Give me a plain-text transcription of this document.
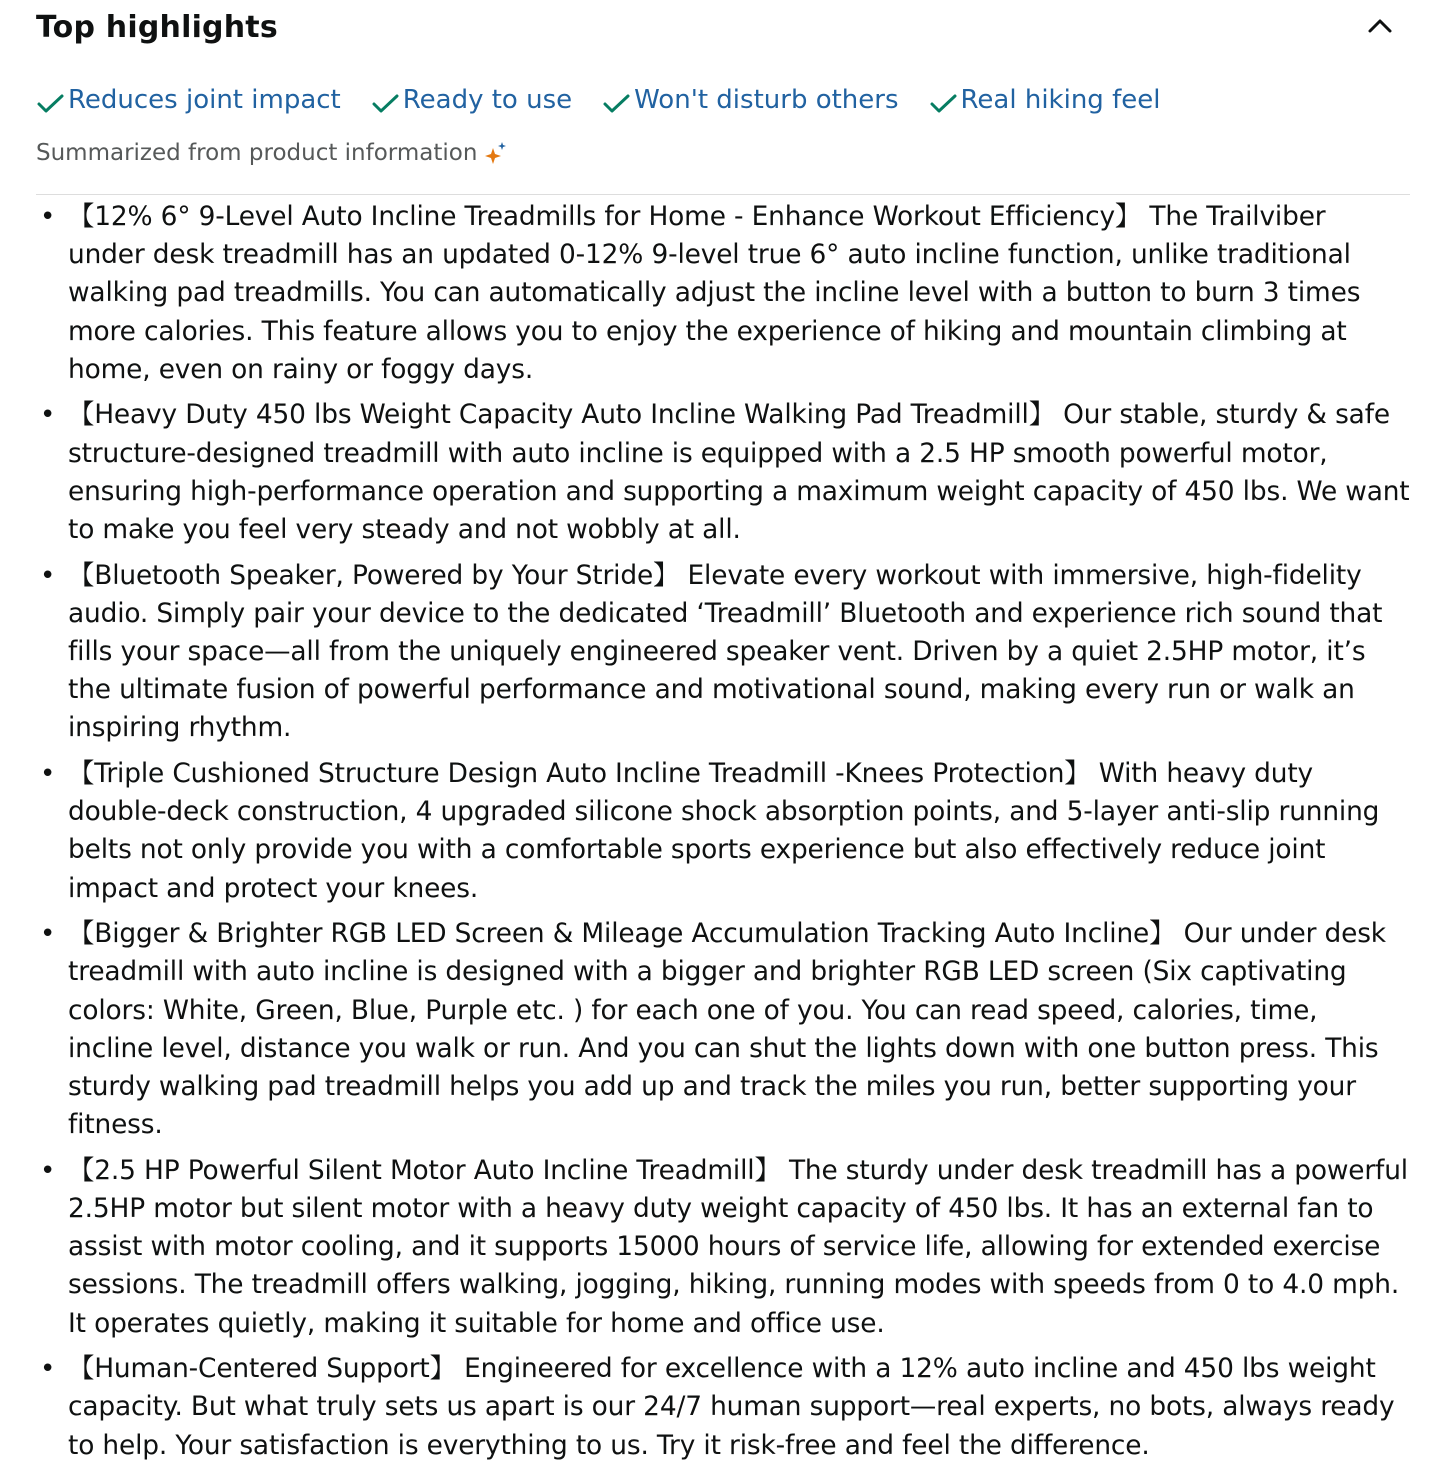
Top highlights
Reduces joint impact Ready to use Won't disturb others Real hiking feel
Summarized from product information
• 【12% 6° 9-Level Auto Incline Treadmills for Home - Enhance Workout Efficiency】 The Trailviber under desk treadmill has an updated 0-12% 9-level true 6° auto incline function, unlike traditional walking pad treadmills. You can automatically adjust the incline level with a button to burn 3 times more calories. This feature allows you to enjoy the experience of hiking and mountain climbing at home, even on rainy or foggy days.
• 【Heavy Duty 450 lbs Weight Capacity Auto Incline Walking Pad Treadmill】 Our stable, sturdy & safe structure-designed treadmill with auto incline is equipped with a 2.5 HP smooth powerful motor, ensuring high-performance operation and supporting a maximum weight capacity of 450 lbs. We want to make you feel very steady and not wobbly at all.
• 【Bluetooth Speaker, Powered by Your Stride】 Elevate every workout with immersive, high-fidelity audio. Simply pair your device to the dedicated ‘Treadmill’ Bluetooth and experience rich sound that fills your space—all from the uniquely engineered speaker vent. Driven by a quiet 2.5HP motor, it’s the ultimate fusion of powerful performance and motivational sound, making every run or walk an inspiring rhythm.
• 【Triple Cushioned Structure Design Auto Incline Treadmill -Knees Protection】 With heavy duty double-deck construction, 4 upgraded silicone shock absorption points, and 5-layer anti-slip running belts not only provide you with a comfortable sports experience but also effectively reduce joint impact and protect your knees.
• 【Bigger & Brighter RGB LED Screen & Mileage Accumulation Tracking Auto Incline】 Our under desk treadmill with auto incline is designed with a bigger and brighter RGB LED screen (Six captivating colors: White, Green, Blue, Purple etc. ) for each one of you. You can read speed, calories, time, incline level, distance you walk or run. And you can shut the lights down with one button press. This sturdy walking pad treadmill helps you add up and track the miles you run, better supporting your fitness.
• 【2.5 HP Powerful Silent Motor Auto Incline Treadmill】 The sturdy under desk treadmill has a powerful 2.5HP motor but silent motor with a heavy duty weight capacity of 450 lbs. It has an external fan to assist with motor cooling, and it supports 15000 hours of service life, allowing for extended exercise sessions. The treadmill offers walking, jogging, hiking, running modes with speeds from 0 to 4.0 mph. It operates quietly, making it suitable for home and office use.
• 【Human-Centered Support】 Engineered for excellence with a 12% auto incline and 450 lbs weight capacity. But what truly sets us apart is our 24/7 human support—real experts, no bots, always ready to help. Your satisfaction is everything to us. Try it risk-free and feel the difference.
